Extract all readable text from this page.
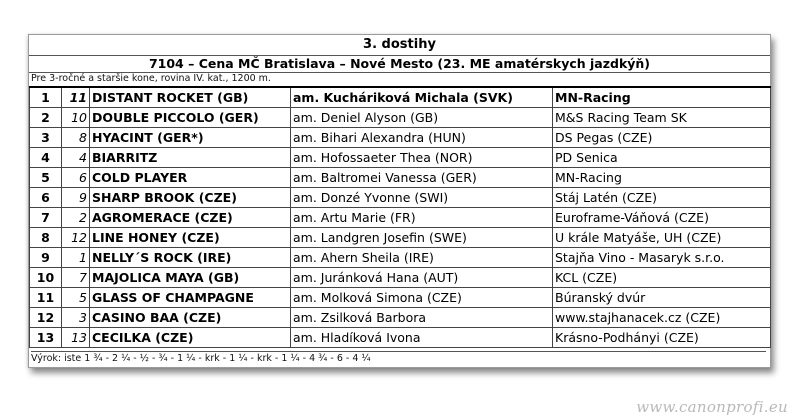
3. dostihy
7104 – Cena MČ Bratislava – Nové Mesto (23. ME amatérskych jazdkýň)
Pre 3-ročné a staršie kone, rovina IV. kat., 1200 m.
1	11	DISTANT ROCKET (GB)	am. Kucháriková Michala (SVK)	MN-Racing
2	10	DOUBLE PICCOLO (GER)	am. Deniel Alyson (GB)	M&S Racing Team SK
3	8	HYACINT (GER*)	am. Bihari Alexandra (HUN)	DS Pegas (CZE)
4	4	BIARRITZ	am. Hofossaeter Thea (NOR)	PD Senica
5	6	COLD PLAYER	am. Baltromei Vanessa (GER)	MN-Racing
6	9	SHARP BROOK (CZE)	am. Donzé Yvonne (SWI)	Stáj Latén (CZE)
7	2	AGROMERACE (CZE)	am. Artu Marie (FR)	Euroframe-Váňová (CZE)
8	12	LINE HONEY (CZE)	am. Landgren Josefin (SWE)	U krále Matyáše, UH (CZE)
9	1	NELLY´S ROCK (IRE)	am. Ahern Sheila (IRE)	Stajňa Vino - Masaryk s.r.o.
10	7	MAJOLICA MAYA (GB)	am. Juránková Hana (AUT)	KCL (CZE)
11	5	GLASS OF CHAMPAGNE	am. Molková Simona (CZE)	Búranský dvúr
12	3	CASINO BAA (CZE)	am. Zsilková Barbora	www.stajhanacek.cz (CZE)
13	13	CECILKA (CZE)	am. Hladíková Ivona	Krásno-Podhányi (CZE)
Výrok: iste 1 ¾ - 2 ¼ - ½ - ¾ - 1 ¼ - krk - 1 ¼ - krk - 1 ¼ - 4 ¾ - 6 - 4 ¼
www.canonprofi.eu
